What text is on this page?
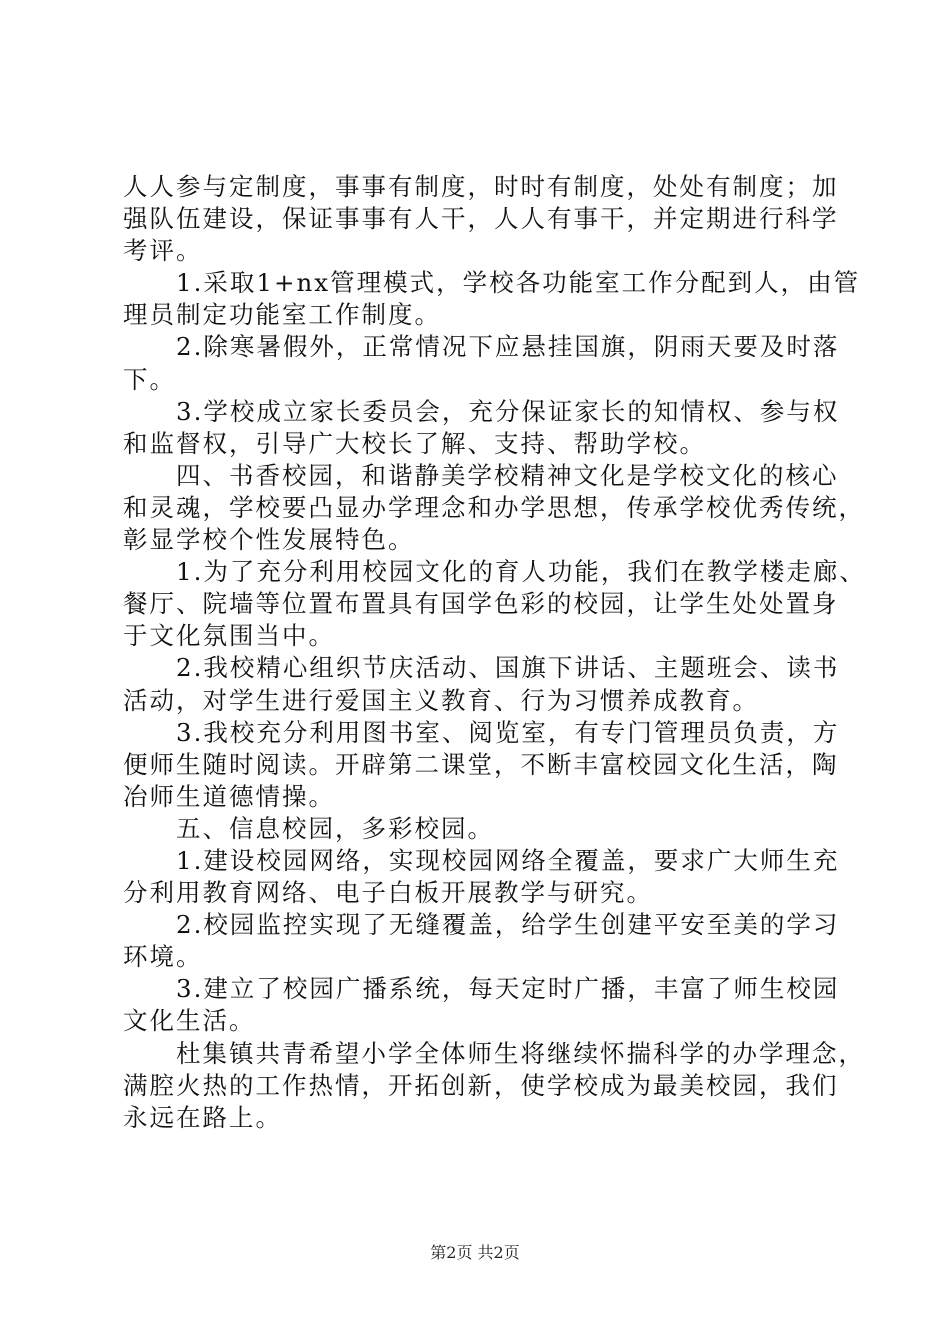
人人参与定制度，事事有制度，时时有制度，处处有制度；加
强队伍建设，保证事事有人干，人人有事干，并定期进行科学
考评。
　　1.采取1+nx管理模式，学校各功能室工作分配到人，由管
理员制定功能室工作制度。
　　2.除寒暑假外，正常情况下应悬挂国旗，阴雨天要及时落
下。
　　3.学校成立家长委员会，充分保证家长的知情权、参与权
和监督权，引导广大校长了解、支持、帮助学校。
　　四、书香校园，和谐静美学校精神文化是学校文化的核心
和灵魂，学校要凸显办学理念和办学思想，传承学校优秀传统，
彰显学校个性发展特色。
　　1.为了充分利用校园文化的育人功能，我们在教学楼走廊、
餐厅、院墙等位置布置具有国学色彩的校园，让学生处处置身
于文化氛围当中。
　　2.我校精心组织节庆活动、国旗下讲话、主题班会、读书
活动，对学生进行爱国主义教育、行为习惯养成教育。
　　3.我校充分利用图书室、阅览室，有专门管理员负责，方
便师生随时阅读。开辟第二课堂，不断丰富校园文化生活，陶
冶师生道德情操。
　　五、信息校园，多彩校园。
　　1.建设校园网络，实现校园网络全覆盖，要求广大师生充
分利用教育网络、电子白板开展教学与研究。
　　2.校园监控实现了无缝覆盖，给学生创建平安至美的学习
环境。
　　3.建立了校园广播系统，每天定时广播，丰富了师生校园
文化生活。
　　杜集镇共青希望小学全体师生将继续怀揣科学的办学理念，
满腔火热的工作热情，开拓创新，使学校成为最美校园，我们
永远在路上。
第2页 共2页
